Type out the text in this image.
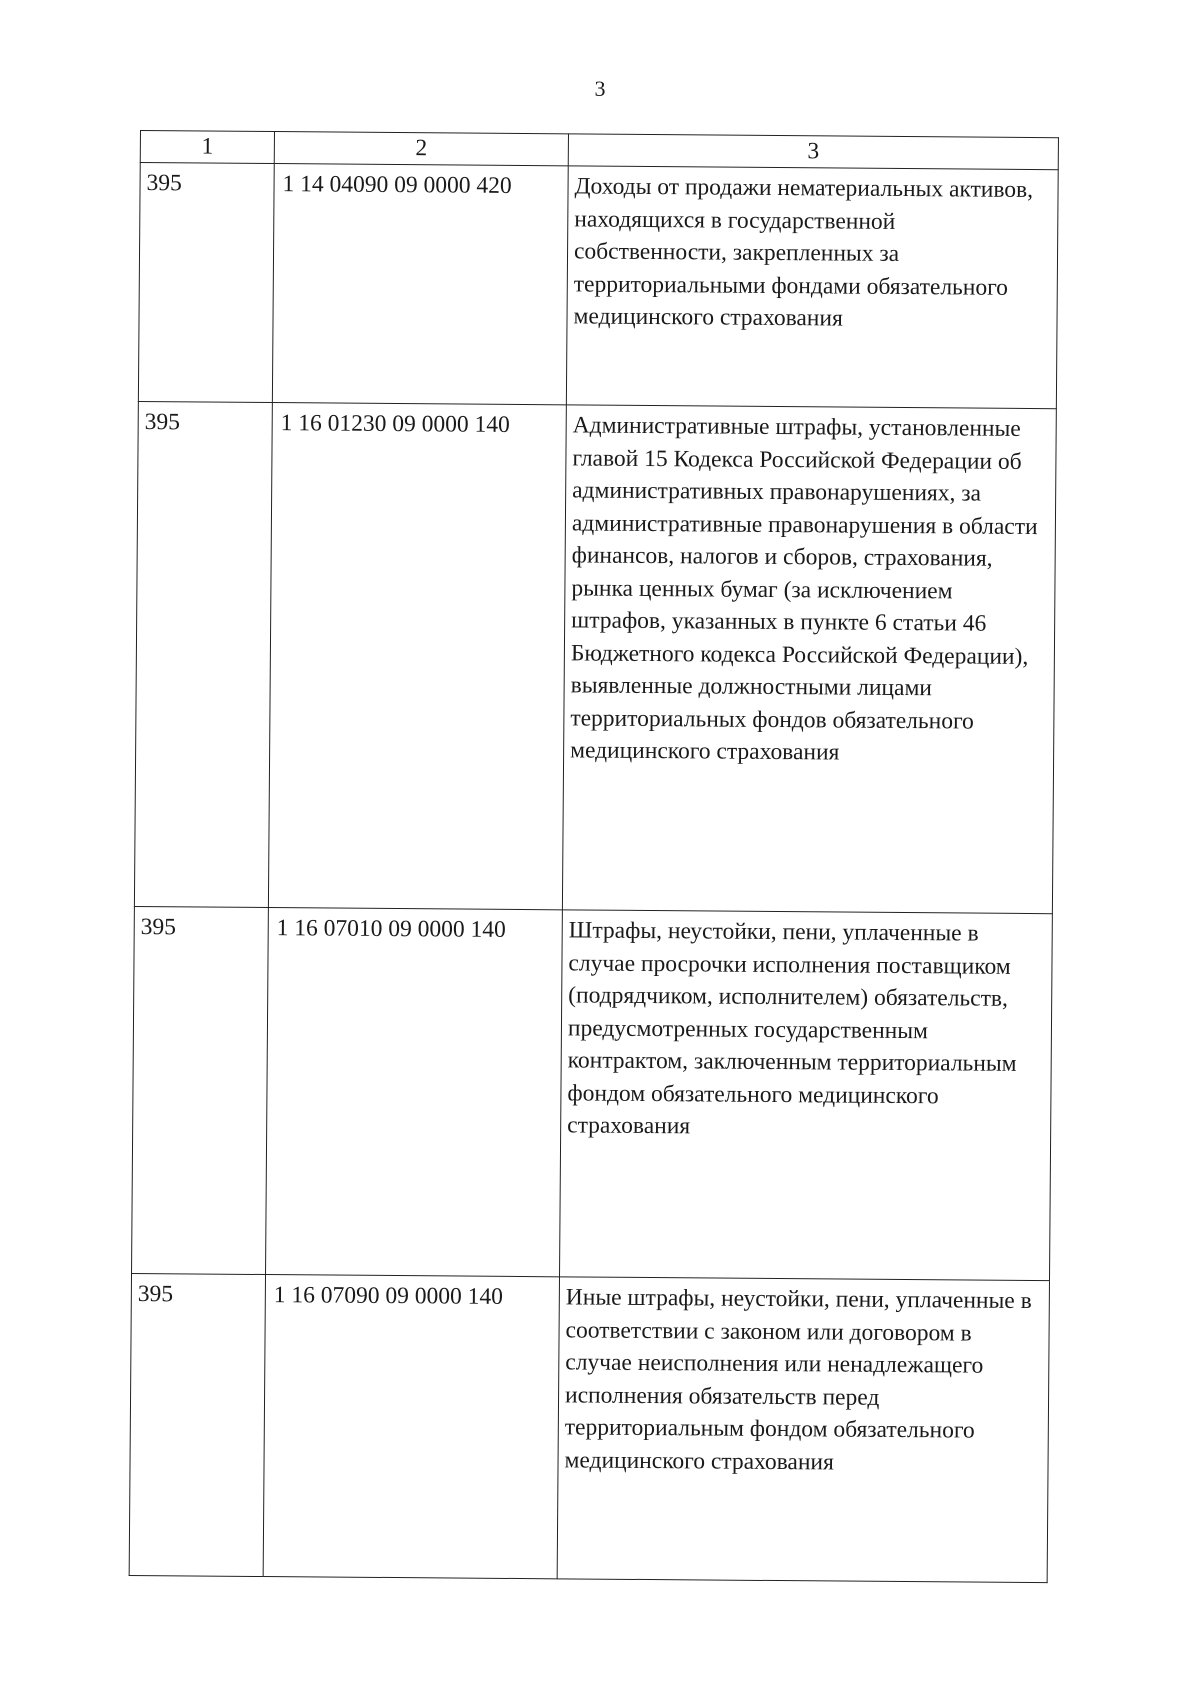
3
1	2	3
395	1 14 04090 09 0000 420	Доходы от продажи нематериальных активов, находящихся в государственной собственности, закрепленных за территориальными фондами обязательного медицинского страхования
395	1 16 01230 09 0000 140	Административные штрафы, установленные главой 15 Кодекса Российской Федерации об административных правонарушениях, за административные правонарушения в области финансов, налогов и сборов, страхования, рынка ценных бумаг (за исключением штрафов, указанных в пункте 6 статьи 46 Бюджетного кодекса Российской Федерации), выявленные должностными лицами территориальных фондов обязательного медицинского страхования
395	1 16 07010 09 0000 140	Штрафы, неустойки, пени, уплаченные в случае просрочки исполнения поставщиком (подрядчиком, исполнителем) обязательств, предусмотренных государственным контрактом, заключенным территориальным фондом обязательного медицинского страхования
395	1 16 07090 09 0000 140	Иные штрафы, неустойки, пени, уплаченные в соответствии с законом или договором в случае неисполнения или ненадлежащего исполнения обязательств перед территориальным фондом обязательного медицинского страхования
